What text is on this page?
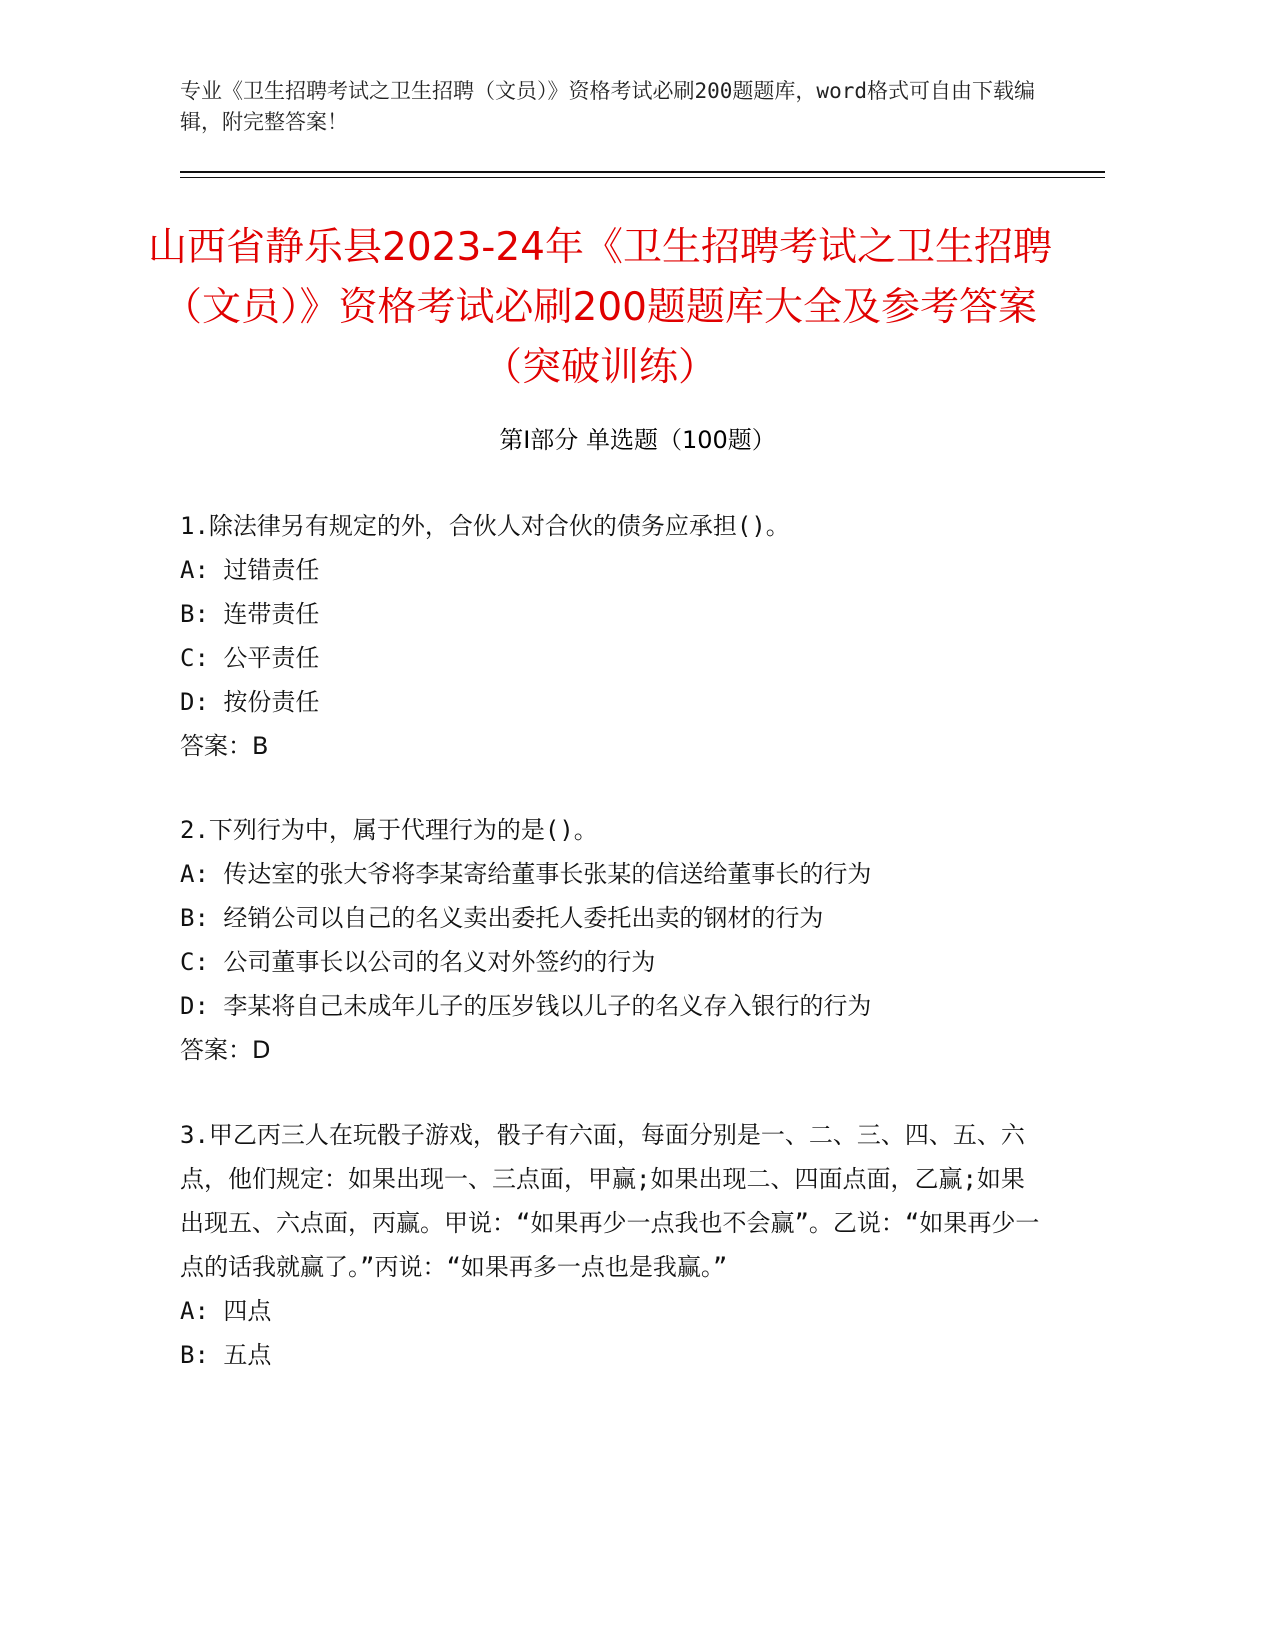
专业《卫生招聘考试之卫生招聘（文员）》资格考试必刷200题题库，word格式可自由下载编辑，附完整答案！
山西省静乐县2023-24年《卫生招聘考试之卫生招聘（文员）》资格考试必刷200题题库大全及参考答案（突破训练）
第Ⅰ部分 单选题（100题）
1.除法律另有规定的外，合伙人对合伙的债务应承担()。
A: 过错责任
B: 连带责任
C: 公平责任
D: 按份责任
答案：B
2.下列行为中，属于代理行为的是()。
A: 传达室的张大爷将李某寄给董事长张某的信送给董事长的行为
B: 经销公司以自己的名义卖出委托人委托出卖的钢材的行为
C: 公司董事长以公司的名义对外签约的行为
D: 李某将自己未成年儿子的压岁钱以儿子的名义存入银行的行为
答案：D
3.甲乙丙三人在玩骰子游戏，骰子有六面，每面分别是一、二、三、四、五、六点，他们规定：如果出现一、三点面，甲赢;如果出现二、四面点面，乙赢;如果出现五、六点面，丙赢。甲说：“如果再少一点我也不会赢”。乙说：“如果再少一点的话我就赢了。”丙说：“如果再多一点也是我赢。”
A: 四点
B: 五点
